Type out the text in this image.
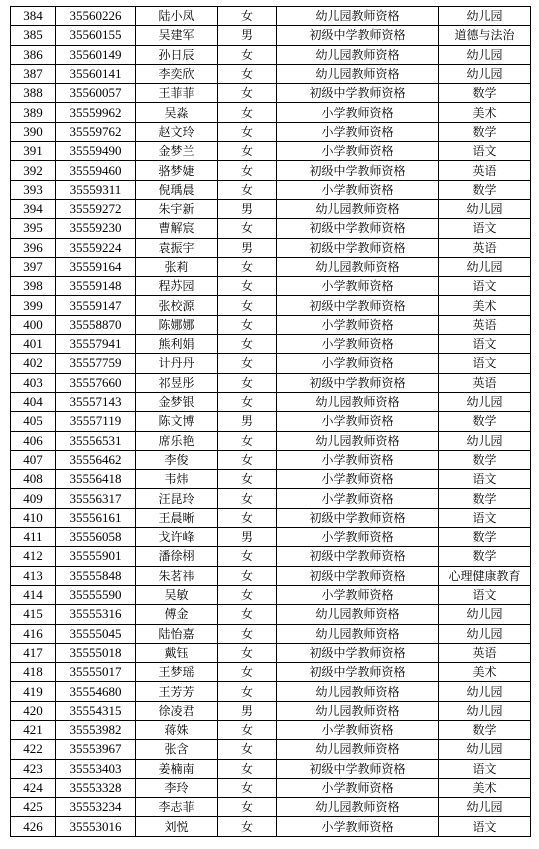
384	35560226	陆小凤	女	幼儿园教师资格	幼儿园
385	35560155	吴建军	男	初级中学教师资格	道德与法治
386	35560149	孙日辰	女	幼儿园教师资格	幼儿园
387	35560141	李奕欣	女	幼儿园教师资格	幼儿园
388	35560057	王菲菲	女	初级中学教师资格	数学
389	35559962	吴淼	女	小学教师资格	美术
390	35559762	赵文玲	女	小学教师资格	数学
391	35559490	金梦兰	女	小学教师资格	语文
392	35559460	骆梦婕	女	初级中学教师资格	英语
393	35559311	倪瑀晨	女	小学教师资格	数学
394	35559272	朱宇新	男	幼儿园教师资格	幼儿园
395	35559230	曹解宸	女	初级中学教师资格	语文
396	35559224	袁振宇	男	初级中学教师资格	英语
397	35559164	张莉	女	幼儿园教师资格	幼儿园
398	35559148	程苏园	女	小学教师资格	语文
399	35559147	张校源	女	初级中学教师资格	美术
400	35558870	陈娜娜	女	小学教师资格	英语
401	35557941	熊利娟	女	小学教师资格	语文
402	35557759	计丹丹	女	小学教师资格	语文
403	35557660	祁昱彤	女	初级中学教师资格	英语
404	35557143	金梦银	女	幼儿园教师资格	幼儿园
405	35557119	陈文博	男	小学教师资格	数学
406	35556531	席乐艳	女	幼儿园教师资格	幼儿园
407	35556462	李俊	女	小学教师资格	数学
408	35556418	韦炜	女	小学教师资格	语文
409	35556317	汪昆玲	女	小学教师资格	数学
410	35556161	王晨晰	女	初级中学教师资格	语文
411	35556058	戈许峰	男	小学教师资格	数学
412	35555901	潘徐栩	女	初级中学教师资格	数学
413	35555848	朱茗祎	女	初级中学教师资格	心理健康教育
414	35555590	吴敏	女	小学教师资格	语文
415	35555316	傅金	女	幼儿园教师资格	幼儿园
416	35555045	陆怡嘉	女	幼儿园教师资格	幼儿园
417	35555018	戴钰	女	初级中学教师资格	英语
418	35555017	王梦瑶	女	初级中学教师资格	美术
419	35554680	王芳芳	女	幼儿园教师资格	幼儿园
420	35554315	徐凌君	男	幼儿园教师资格	幼儿园
421	35553982	蒋姝	女	小学教师资格	数学
422	35553967	张含	女	幼儿园教师资格	幼儿园
423	35553403	姜楠南	女	初级中学教师资格	语文
424	35553328	李玲	女	小学教师资格	美术
425	35553234	李志菲	女	幼儿园教师资格	幼儿园
426	35553016	刘悦	女	小学教师资格	语文
